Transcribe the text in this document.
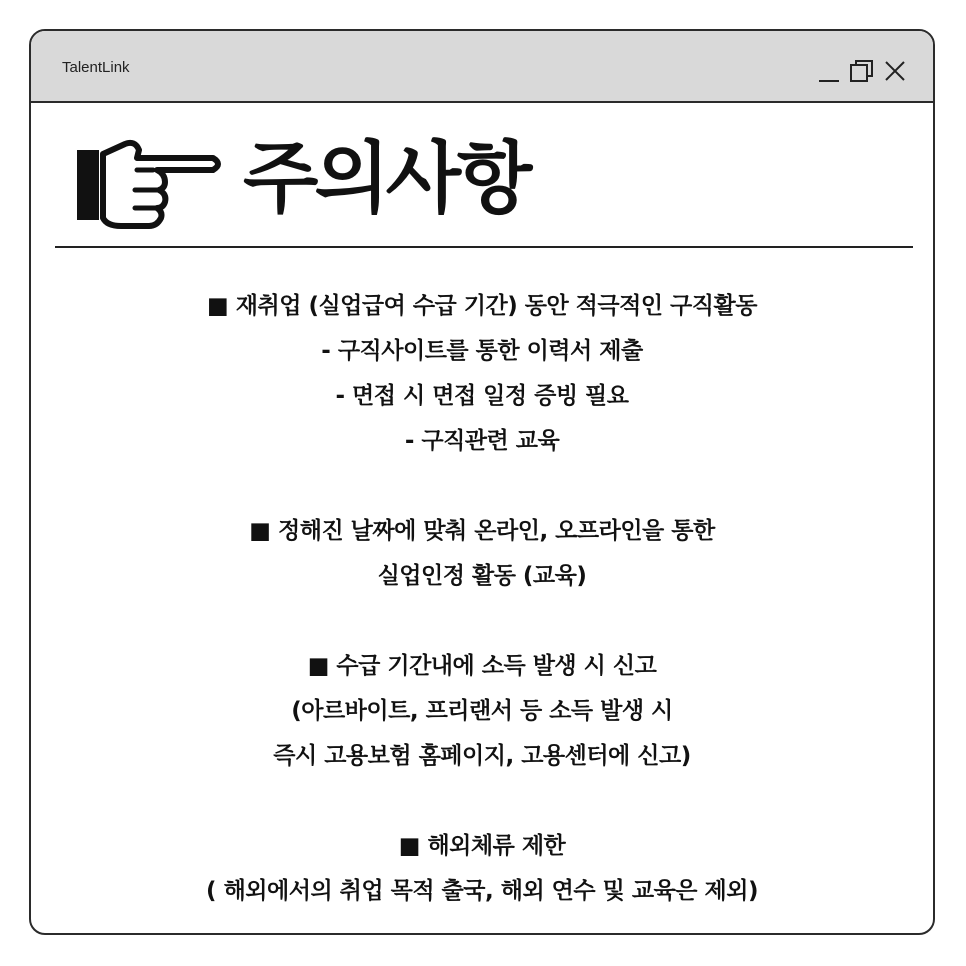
TalentLink
주의사항
■ 재취업 (실업급여 수급 기간) 동안 적극적인 구직활동
- 구직사이트를 통한 이력서 제출
- 면접 시 면접 일정 증빙 필요
- 구직관련 교육
■ 정해진 날짜에 맞춰 온라인, 오프라인을 통한
실업인정 활동 (교육)
■ 수급 기간내에 소득 발생 시 신고
(아르바이트, 프리랜서 등 소득 발생 시
즉시 고용보험 홈페이지, 고용센터에 신고)
■ 해외체류 제한
( 해외에서의 취업 목적 출국, 해외 연수 및 교육은 제외)
